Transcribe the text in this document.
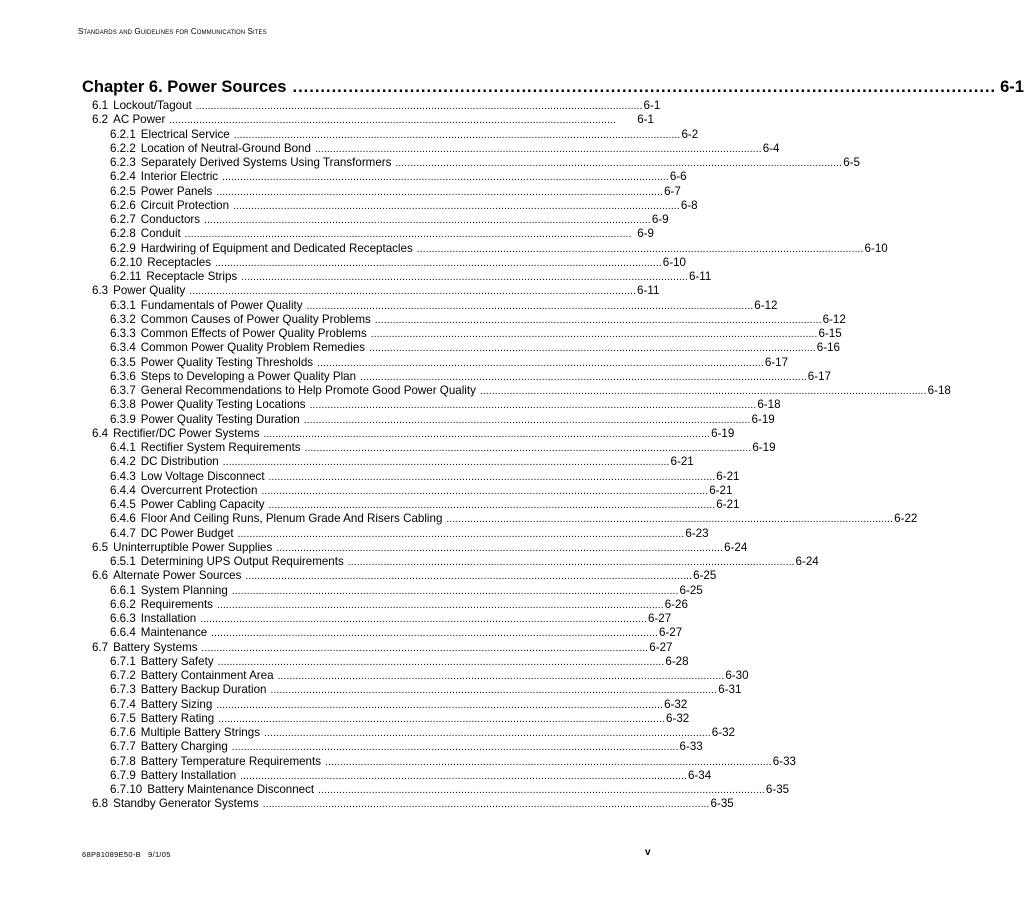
Standards and Guidelines for Communication Sites
Chapter 6. Power Sources .............................................................................................................................. 6-1
6.1 Lockout/Tagout ...................................................................................................................................................... 6-1
6.2 AC Power ......................................................................................................................................................	6-1
6.2.1 Electrical Service ...................................................................................................................................................... 6-2
6.2.2 Location of Neutral-Ground Bond ...................................................................................................................................................... 6-4
6.2.3 Separately Derived Systems Using Transformers ...................................................................................................................................................... 6-5
6.2.4 Interior Electric ...................................................................................................................................................... 6-6
6.2.5 Power Panels ...................................................................................................................................................... 6-7
6.2.6 Circuit Protection ...................................................................................................................................................... 6-8
6.2.7 Conductors ...................................................................................................................................................... 6-9
6.2.8 Conduit ...................................................................................................................................................... 6-9
6.2.9 Hardwiring of Equipment and Dedicated Receptacles ...................................................................................................................................................... 6-10
6.2.10 Receptacles ...................................................................................................................................................... 6-10
6.2.11 Receptacle Strips ...................................................................................................................................................... 6-11
6.3 Power Quality ...................................................................................................................................................... 6-11
6.3.1 Fundamentals of Power Quality ...................................................................................................................................................... 6-12
6.3.2 Common Causes of Power Quality Problems ...................................................................................................................................................... 6-12
6.3.3 Common Effects of Power Quality Problems ...................................................................................................................................................... 6-15
6.3.4 Common Power Quality Problem Remedies ...................................................................................................................................................... 6-16
6.3.5 Power Quality Testing Thresholds ...................................................................................................................................................... 6-17
6.3.6 Steps to Developing a Power Quality Plan ...................................................................................................................................................... 6-17
6.3.7 General Recommendations to Help Promote Good Power Quality ...................................................................................................................................................... 6-18
6.3.8 Power Quality Testing Locations ...................................................................................................................................................... 6-18
6.3.9 Power Quality Testing Duration ...................................................................................................................................................... 6-19
6.4 Rectifier/DC Power Systems ...................................................................................................................................................... 6-19
6.4.1 Rectifier System Requirements ...................................................................................................................................................... 6-19
6.4.2 DC Distribution ...................................................................................................................................................... 6-21
6.4.3 Low Voltage Disconnect ...................................................................................................................................................... 6-21
6.4.4 Overcurrent Protection ...................................................................................................................................................... 6-21
6.4.5 Power Cabling Capacity ...................................................................................................................................................... 6-21
6.4.6 Floor And Ceiling Runs, Plenum Grade And Risers Cabling ...................................................................................................................................................... 6-22
6.4.7 DC Power Budget ...................................................................................................................................................... 6-23
6.5 Uninterruptible Power Supplies ...................................................................................................................................................... 6-24
6.5.1 Determining UPS Output Requirements ...................................................................................................................................................... 6-24
6.6 Alternate Power Sources ...................................................................................................................................................... 6-25
6.6.1 System Planning ...................................................................................................................................................... 6-25
6.6.2 Requirements ...................................................................................................................................................... 6-26
6.6.3 Installation ...................................................................................................................................................... 6-27
6.6.4 Maintenance ...................................................................................................................................................... 6-27
6.7 Battery Systems ...................................................................................................................................................... 6-27
6.7.1 Battery Safety ...................................................................................................................................................... 6-28
6.7.2 Battery Containment Area ...................................................................................................................................................... 6-30
6.7.3 Battery Backup Duration ...................................................................................................................................................... 6-31
6.7.4 Battery Sizing ...................................................................................................................................................... 6-32
6.7.5 Battery Rating ...................................................................................................................................................... 6-32
6.7.6 Multiple Battery Strings ...................................................................................................................................................... 6-32
6.7.7 Battery Charging ...................................................................................................................................................... 6-33
6.7.8 Battery Temperature Requirements ...................................................................................................................................................... 6-33
6.7.9 Battery Installation ...................................................................................................................................................... 6-34
6.7.10 Battery Maintenance Disconnect ...................................................................................................................................................... 6-35
6.8 Standby Generator Systems ...................................................................................................................................................... 6-35
68P81089E50-B   9/1/05	v
